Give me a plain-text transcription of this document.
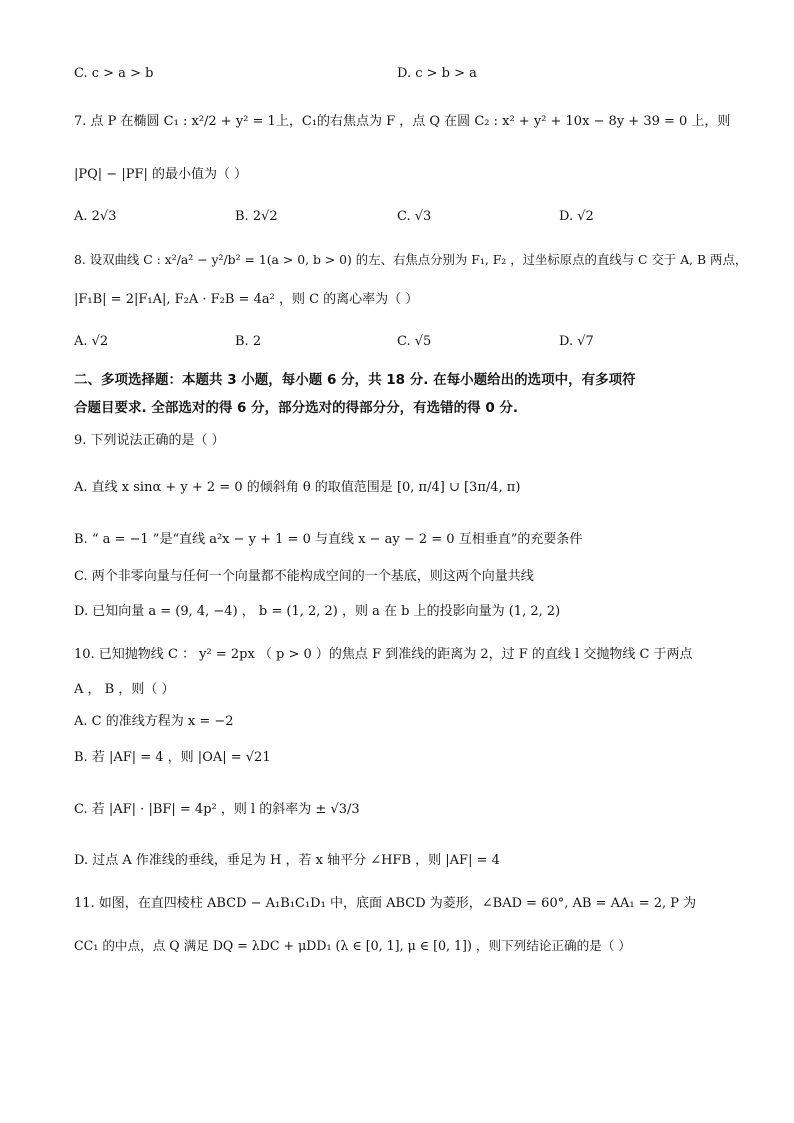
C. c > a > b	D. c > b > a
7. 点 P 在椭圆 C₁ : x²/2 + y² = 1上，C₁的右焦点为 F ，点 Q 在圆 C₂ : x² + y² + 10x − 8y + 39 = 0 上，则
|PQ| − |PF| 的最小值为（ ）
A. 2√3	B. 2√2	C. √3	D. √2
8. 设双曲线 C : x²/a² − y²/b² = 1(a > 0, b > 0) 的左、右焦点分别为 F₁, F₂ ，过坐标原点的直线与 C 交于 A, B 两点，
|F₁B| = 2|F₁A|, F₂A · F₂B = 4a² ，则 C 的离心率为（ ）
A. √2	B. 2	C. √5	D. √7
二、多项选择题：本题共 3 小题，每小题 6 分，共 18 分. 在每小题给出的选项中，有多项符
合题目要求. 全部选对的得 6 分，部分选对的得部分分，有选错的得 0 分.
9. 下列说法正确的是（ ）
A. 直线 x sinα + y + 2 = 0 的倾斜角 θ 的取值范围是 [0, π/4] ∪ [3π/4, π)
B. “ a = −1 ”是“直线 a²x − y + 1 = 0 与直线 x − ay − 2 = 0 互相垂直”的充要条件
C. 两个非零向量与任何一个向量都不能构成空间的一个基底，则这两个向量共线
D. 已知向量 a = (9, 4, −4) ， b = (1, 2, 2) ，则 a 在 b 上的投影向量为 (1, 2, 2)
10. 已知抛物线 C ： y² = 2px （ p > 0 ）的焦点 F 到准线的距离为 2，过 F 的直线 l 交抛物线 C 于两点
A ， B ，则（ ）
A. C 的准线方程为 x = −2
B. 若 |AF| = 4 ，则 |OA| = √21
C. 若 |AF| · |BF| = 4p² ，则 l 的斜率为 ± √3/3
D. 过点 A 作准线的垂线，垂足为 H ，若 x 轴平分 ∠HFB ，则 |AF| = 4
11. 如图，在直四棱柱 ABCD − A₁B₁C₁D₁ 中，底面 ABCD 为菱形，∠BAD = 60°, AB = AA₁ = 2, P 为
CC₁ 的中点，点 Q 满足 DQ = λDC + μDD₁ (λ ∈ [0, 1], μ ∈ [0, 1]) ，则下列结论正确的是（ ）
